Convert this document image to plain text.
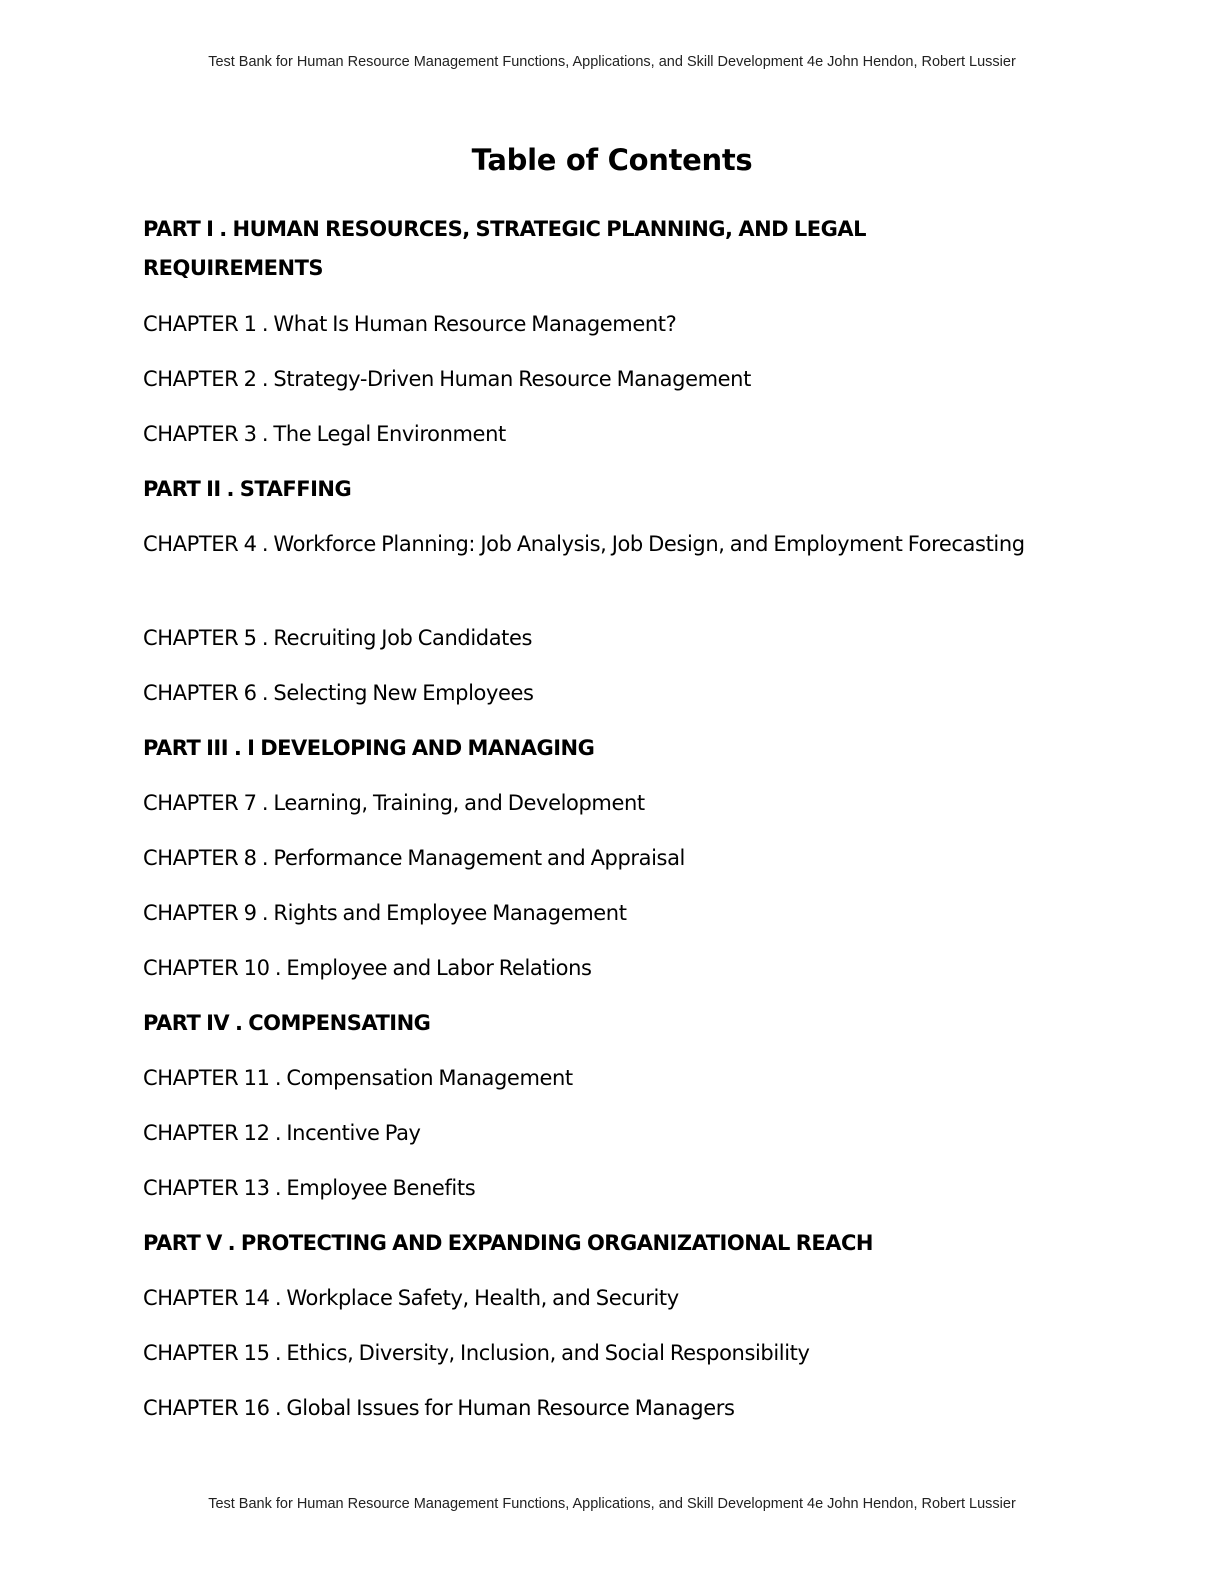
Test Bank for Human Resource Management Functions, Applications, and Skill Development 4e John Hendon, Robert Lussier
Table of Contents
PART I . HUMAN RESOURCES, STRATEGIC PLANNING, AND LEGAL REQUIREMENTS
CHAPTER 1 . What Is Human Resource Management?
CHAPTER 2 . Strategy-Driven Human Resource Management
CHAPTER 3 . The Legal Environment
PART II . STAFFING
CHAPTER 4 . Workforce Planning: Job Analysis, Job Design, and Employment Forecasting
CHAPTER 5 . Recruiting Job Candidates
CHAPTER 6 . Selecting New Employees
PART III . I DEVELOPING AND MANAGING
CHAPTER 7 . Learning, Training, and Development
CHAPTER 8 . Performance Management and Appraisal
CHAPTER 9 . Rights and Employee Management
CHAPTER 10 . Employee and Labor Relations
PART IV . COMPENSATING
CHAPTER 11 . Compensation Management
CHAPTER 12 . Incentive Pay
CHAPTER 13 . Employee Benefits
PART V . PROTECTING AND EXPANDING ORGANIZATIONAL REACH
CHAPTER 14 . Workplace Safety, Health, and Security
CHAPTER 15 . Ethics, Diversity, Inclusion, and Social Responsibility
CHAPTER 16 . Global Issues for Human Resource Managers
Test Bank for Human Resource Management Functions, Applications, and Skill Development 4e John Hendon, Robert Lussier
